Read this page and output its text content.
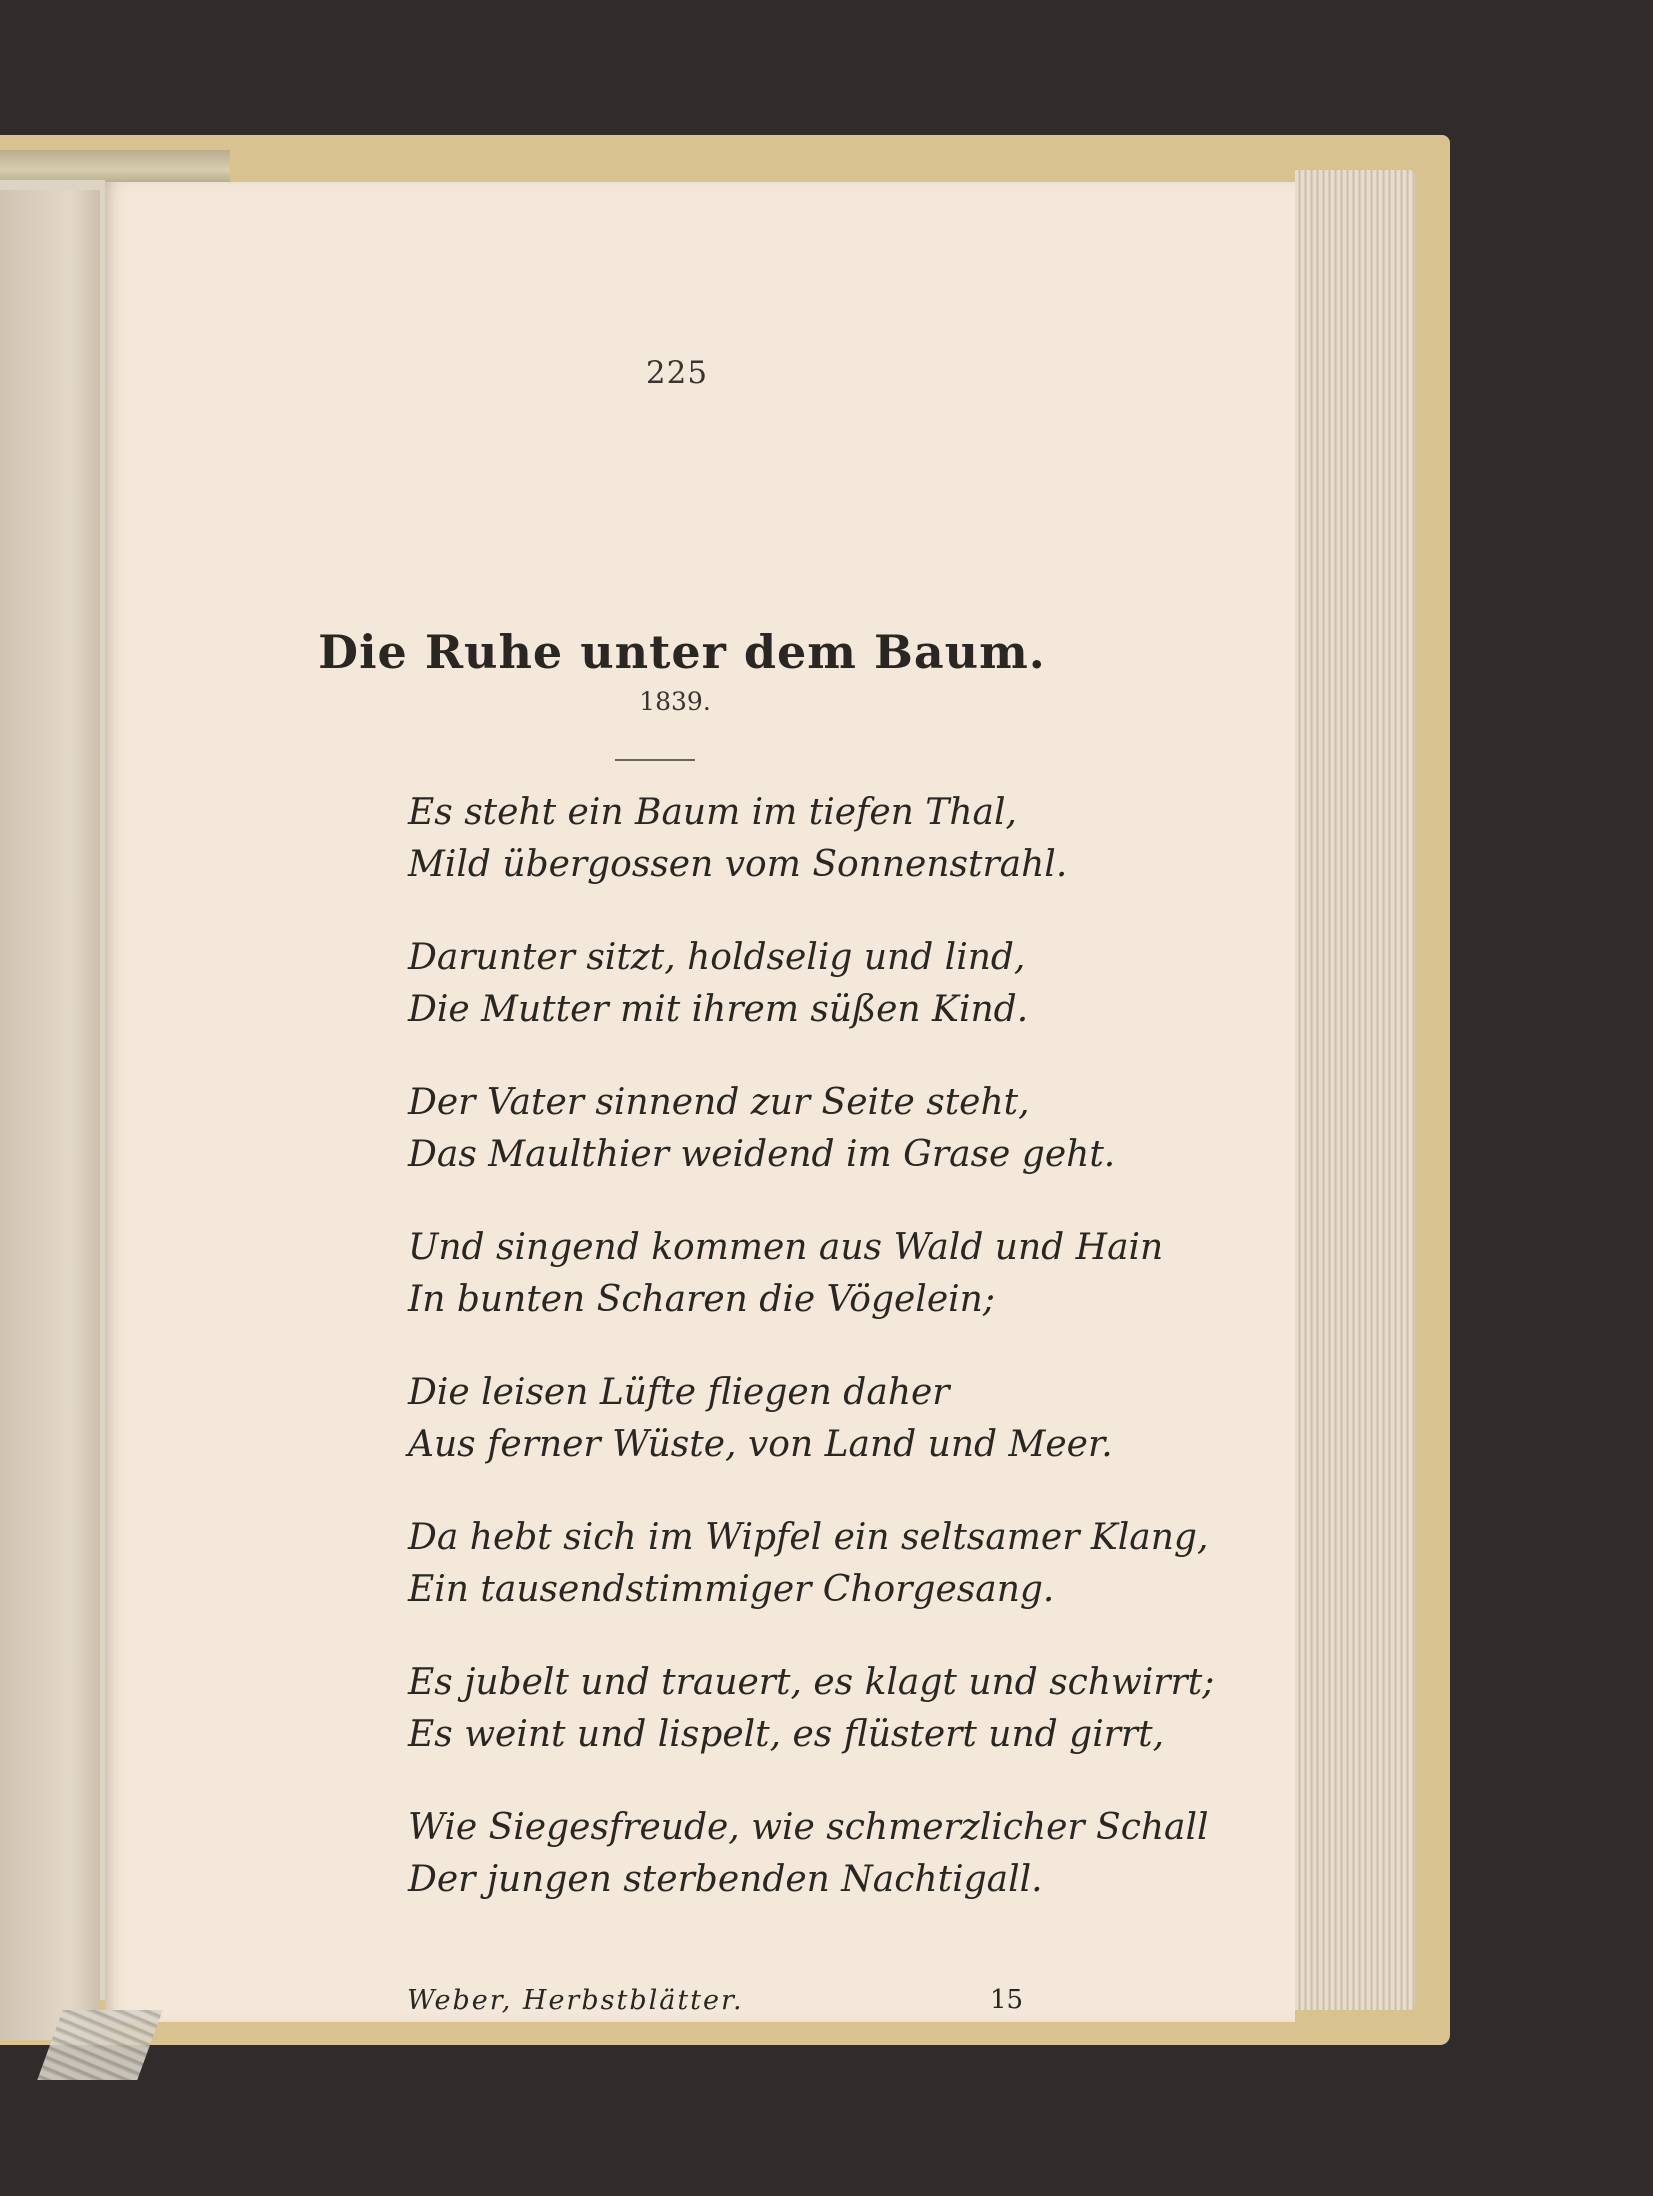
225
Die Ruhe unter dem Baum.
1839.
Es steht ein Baum im tiefen Thal,
Mild übergossen vom Sonnenstrahl.
Darunter sitzt, holdselig und lind,
Die Mutter mit ihrem süßen Kind.
Der Vater sinnend zur Seite steht,
Das Maulthier weidend im Grase geht.
Und singend kommen aus Wald und Hain
In bunten Scharen die Vögelein;
Die leisen Lüfte fliegen daher
Aus ferner Wüste, von Land und Meer.
Da hebt sich im Wipfel ein seltsamer Klang,
Ein tausendstimmiger Chorgesang.
Es jubelt und trauert, es klagt und schwirrt;
Es weint und lispelt, es flüstert und girrt,
Wie Siegesfreude, wie schmerzlicher Schall
Der jungen sterbenden Nachtigall.
Weber, Herbstblätter.	15
